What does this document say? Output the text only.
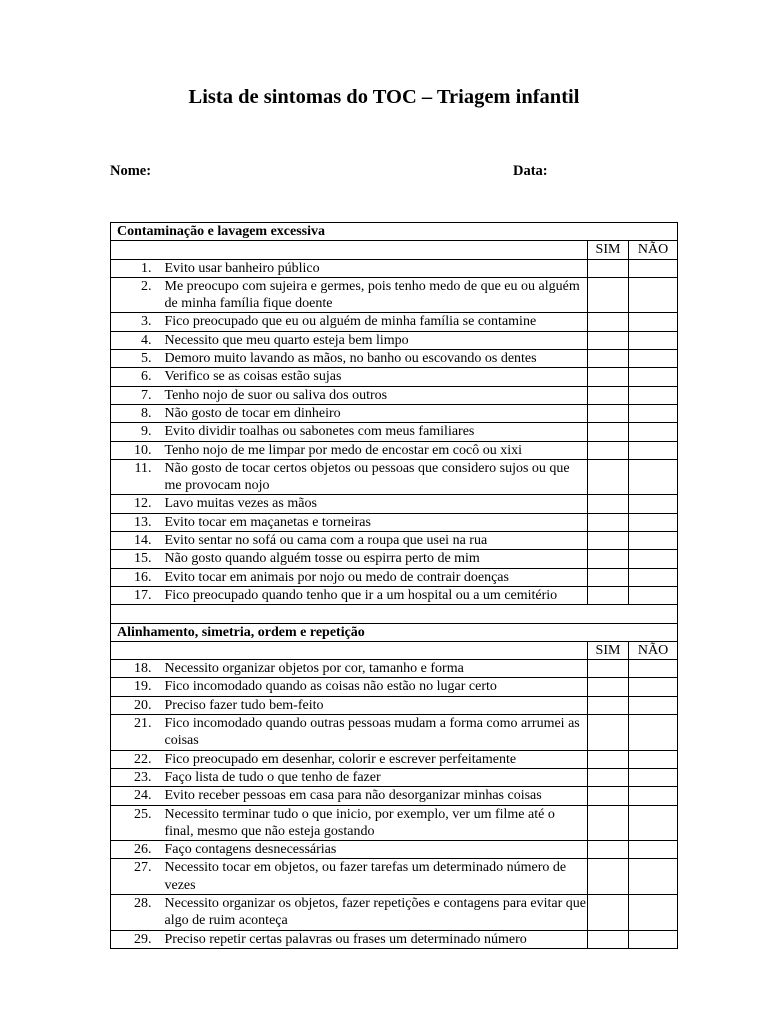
Lista de sintomas do TOC – Triagem infantil
Nome:	Data:
Contaminação e lavagem excessiva			
		SIM	NÃO
1.	Evito usar banheiro público		
2.	Me preocupo com sujeira e germes, pois tenho medo de que eu ou alguém de minha família fique doente		
3.	Fico preocupado que eu ou alguém de minha família se contamine		
4.	Necessito que meu quarto esteja bem limpo		
5.	Demoro muito lavando as mãos, no banho ou escovando os dentes		
6.	Verifico se as coisas estão sujas		
7.	Tenho nojo de suor ou saliva dos outros		
8.	Não gosto de tocar em dinheiro		
9.	Evito dividir toalhas ou sabonetes com meus familiares		
10.	Tenho nojo de me limpar por medo de encostar em cocô ou xixi		
11.	Não gosto de tocar certos objetos ou pessoas que considero sujos ou que me provocam nojo		
12.	Lavo muitas vezes as mãos		
13.	Evito tocar em maçanetas e torneiras		
14.	Evito sentar no sofá ou cama com a roupa que usei na rua		
15.	Não gosto quando alguém tosse ou espirra perto de mim		
16.	Evito tocar em animais por nojo ou medo de contrair doenças		
17.	Fico preocupado quando tenho que ir a um hospital ou a um cemitério		

Alinhamento, simetria, ordem e repetição			
		SIM	NÃO
18.	Necessito organizar objetos por cor, tamanho e forma		
19.	Fico incomodado quando as coisas não estão no lugar certo		
20.	Preciso fazer tudo bem-feito		
21.	Fico incomodado quando outras pessoas mudam a forma como arrumei as coisas		
22.	Fico preocupado em desenhar, colorir e escrever perfeitamente		
23.	Faço lista de tudo o que tenho de fazer		
24.	Evito receber pessoas em casa para não desorganizar minhas coisas		
25.	Necessito terminar tudo o que inicio, por exemplo, ver um filme até o final, mesmo que não esteja gostando		
26.	Faço contagens desnecessárias		
27.	Necessito tocar em objetos, ou fazer tarefas um determinado número de vezes		
28.	Necessito organizar os objetos, fazer repetições e contagens para evitar que algo de ruim aconteça		
29.	Preciso repetir certas palavras ou frases um determinado número		
